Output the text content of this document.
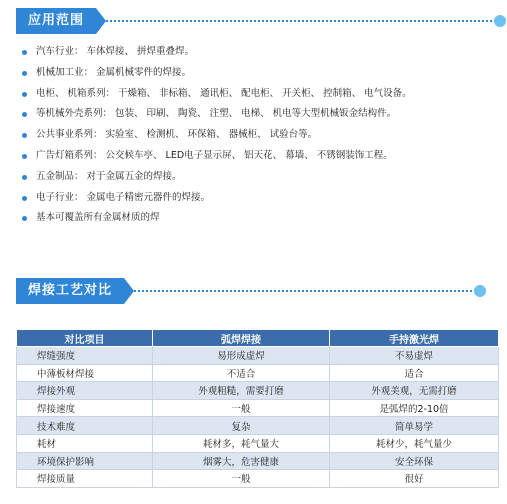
应用范围
汽车行业： 车体焊接、 拼焊重叠焊。
机械加工业： 金属机械零件的焊接。
电柜、 机箱系列： 干燥箱、 非标箱、 通讯柜、 配电柜、 开关柜、 控制箱、 电气设备。
等机械外壳系列： 包装、 印刷、 陶瓷、 注塑、 电梯、 机电等大型机械钣金结构件。
公共事业系列： 实验室、 检测机、 环保箱、 器械柜、 试验台等。
广告灯箱系列： 公交候车亭、 LED电子显示屏、 铝天花、 幕墙、 不锈钢装饰工程。
五金制品： 对于金属五金的焊接。
电子行业： 金属电子精密元器件的焊接。
基本可覆盖所有金属材质的焊
焊接工艺对比
对比项目	弧焊焊接	手持激光焊
焊缝强度	易形成虚焊	不易虚焊
中薄板材焊接	不适合	适合
焊接外观	外观粗糙，需要打磨	外观美观，无需打磨
焊接速度	一般	是弧焊的2-10倍
技术难度	复杂	简单易学
耗材	耗材多，耗气量大	耗材少，耗气量少
环境保护影响	烟雾大，危害健康	安全环保
焊接质量	一般	很好
